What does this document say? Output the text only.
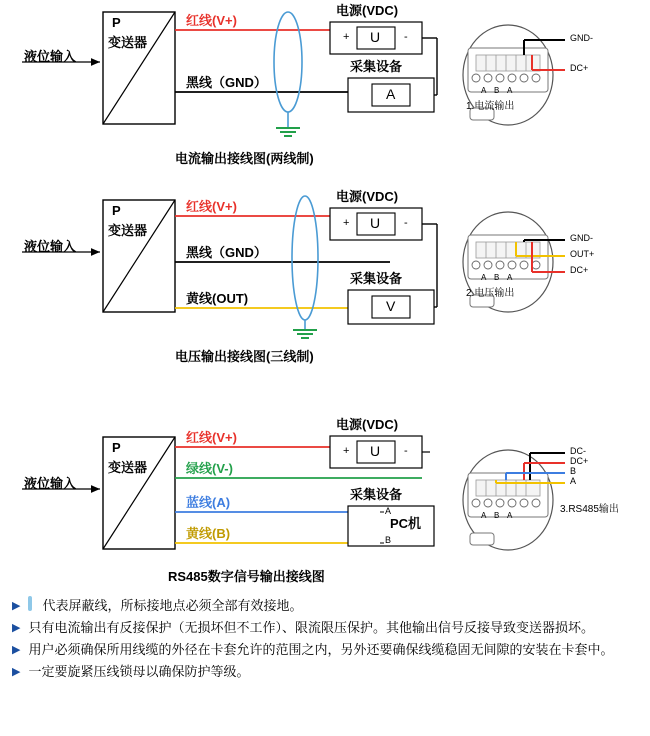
P
变送器
液位输入
红线(V+)
黑线（GND）
电源(VDC)
+	-
U
采集设备
A
电流输出接线图(两线制)
GND-
DC+
A B A
1.电流输出
P
变送器
液位输入
红线(V+)
黑线（GND）
黄线(OUT)
电源(VDC)
+	-
U
采集设备
V
电压输出接线图(三线制)
GND-
OUT+
DC+
A B A
2.电压输出
P
变送器
液位输入
红线(V+)
绿线(V-)
蓝线(A)
黄线(B)
电源(VDC)
+	-
U
采集设备
A
B
PC机
RS485数字信号输出接线图
DC-
DC+
B
A
A B A
3.RS485输出
▶ 代表屏蔽线，所标接地点必须全部有效接地。
▶ 只有电流输出有反接保护（无损坏但不工作）、限流限压保护。其他输出信号反接导致变送器损坏。
▶ 用户必须确保所用线缆的外径在卡套允许的范围之内，另外还要确保线缆稳固无间隙的安装在卡套中。
▶ 一定要旋紧压线锁母以确保防护等级。
